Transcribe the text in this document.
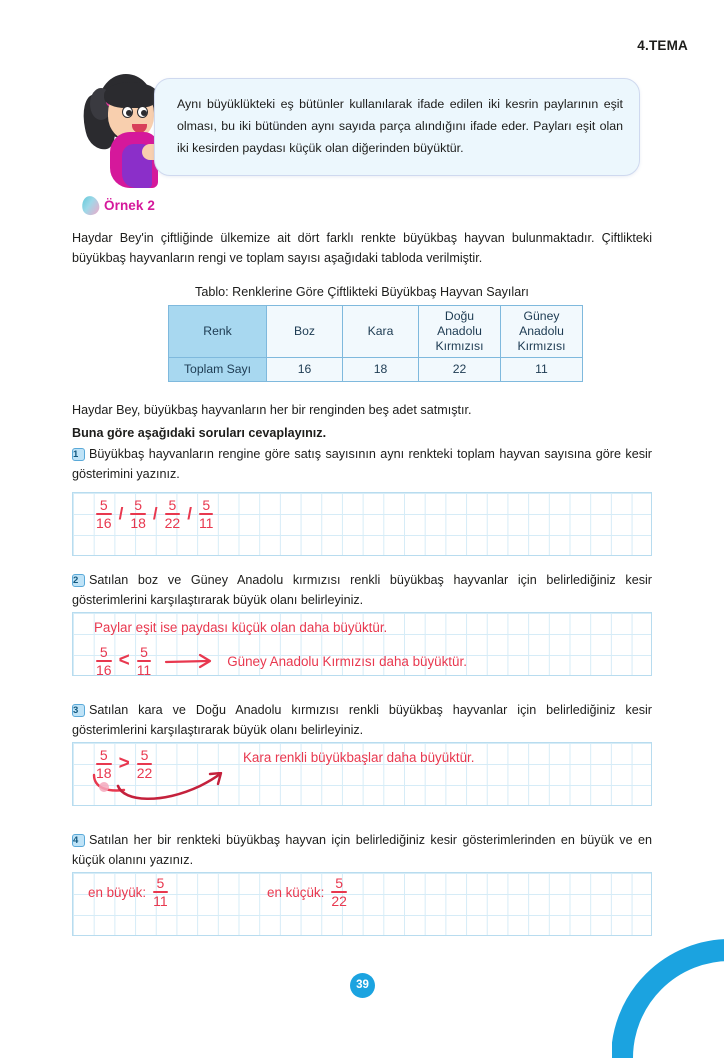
4.TEMA
Aynı büyüklükteki eş bütünler kullanılarak ifade edilen iki kesrin paylarının eşit olması, bu iki bütünden aynı sayıda parça alındığını ifade eder. Payları eşit olan iki kesirden paydası küçük olan diğerinden büyüktür.
Örnek 2
Haydar Bey'in çiftliğinde ülkemize ait dört farklı renkte büyükbaş hayvan bulunmaktadır. Çiftlikteki büyükbaş hayvanların rengi ve toplam sayısı aşağıdaki tabloda verilmiştir.
Tablo: Renklerine Göre Çiftlikteki Büyükbaş Hayvan Sayıları
Renk	Boz	Kara	Doğu
Anadolu
Kırmızısı	Güney
Anadolu
Kırmızısı
Toplam Sayı	16	18	22	11
Haydar Bey, büyükbaş hayvanların her bir renginden beş adet satmıştır.
Buna göre aşağıdaki soruları cevaplayınız.
1 Büyükbaş hayvanların rengine göre satış sayısının aynı renkteki toplam hayvan sayısına göre kesir gösterimini yazınız.
$\frac{5}{16} / \frac{5}{18} / \frac{5}{22} / \frac{5}{11}$
2 Satılan boz ve Güney Anadolu kırmızısı renkli büyükbaş hayvanlar için belirlediğiniz kesir gösterimlerini karşılaştırarak büyük olanı belirleyiniz.
Paylar eşit ise paydası küçük olan daha büyüktür.
$\frac{5}{16} < \frac{5}{11}$	Güney Anadolu Kırmızısı daha büyüktür.
3 Satılan kara ve Doğu Anadolu kırmızısı renkli büyükbaş hayvanlar için belirlediğiniz kesir gösterimlerini karşılaştırarak büyük olanı belirleyiniz.
$\frac{5}{18} > \frac{5}{22}$	Kara renkli büyükbaşlar daha büyüktür.
4 Satılan her bir renkteki büyükbaş hayvan için belirlediğiniz kesir gösterimlerinden en büyük ve en küçük olanını yazınız.
en büyük: $\frac{5}{11}$	en küçük: $\frac{5}{22}$
39
